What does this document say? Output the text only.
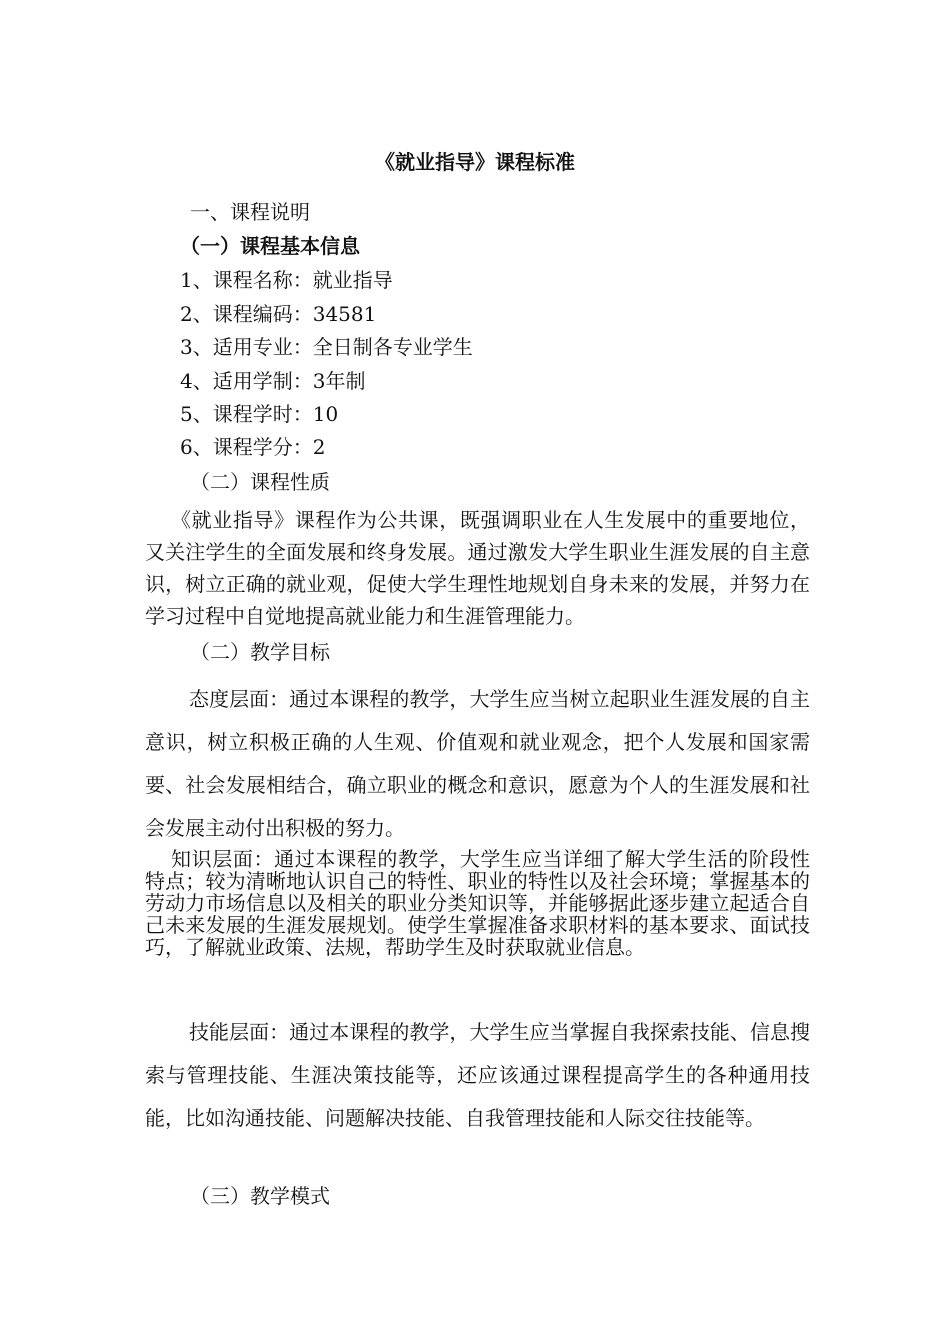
《就业指导》课程标准
一、课程说明
（一）课程基本信息
1、课程名称：就业指导
2、课程编码：34581
3、适用专业：全日制各专业学生
4、适用学制：3年制
5、课程学时：10
6、课程学分：2
（二）课程性质
《就业指导》课程作为公共课，既强调职业在人生发展中的重要地位，又关注学生的全面发展和终身发展。通过激发大学生职业生涯发展的自主意识，树立正确的就业观，促使大学生理性地规划自身未来的发展，并努力在学习过程中自觉地提高就业能力和生涯管理能力。
（二）教学目标
态度层面：通过本课程的教学，大学生应当树立起职业生涯发展的自主意识，树立积极正确的人生观、价值观和就业观念，把个人发展和国家需要、社会发展相结合，确立职业的概念和意识，愿意为个人的生涯发展和社会发展主动付出积极的努力。
知识层面：通过本课程的教学，大学生应当详细了解大学生活的阶段性特点；较为清晰地认识自己的特性、职业的特性以及社会环境；掌握基本的劳动力市场信息以及相关的职业分类知识等，并能够据此逐步建立起适合自己未来发展的生涯发展规划。使学生掌握准备求职材料的基本要求、面试技巧，了解就业政策、法规，帮助学生及时获取就业信息。
技能层面：通过本课程的教学，大学生应当掌握自我探索技能、信息搜索与管理技能、生涯决策技能等，还应该通过课程提高学生的各种通用技能，比如沟通技能、问题解决技能、自我管理技能和人际交往技能等。
（三）教学模式
